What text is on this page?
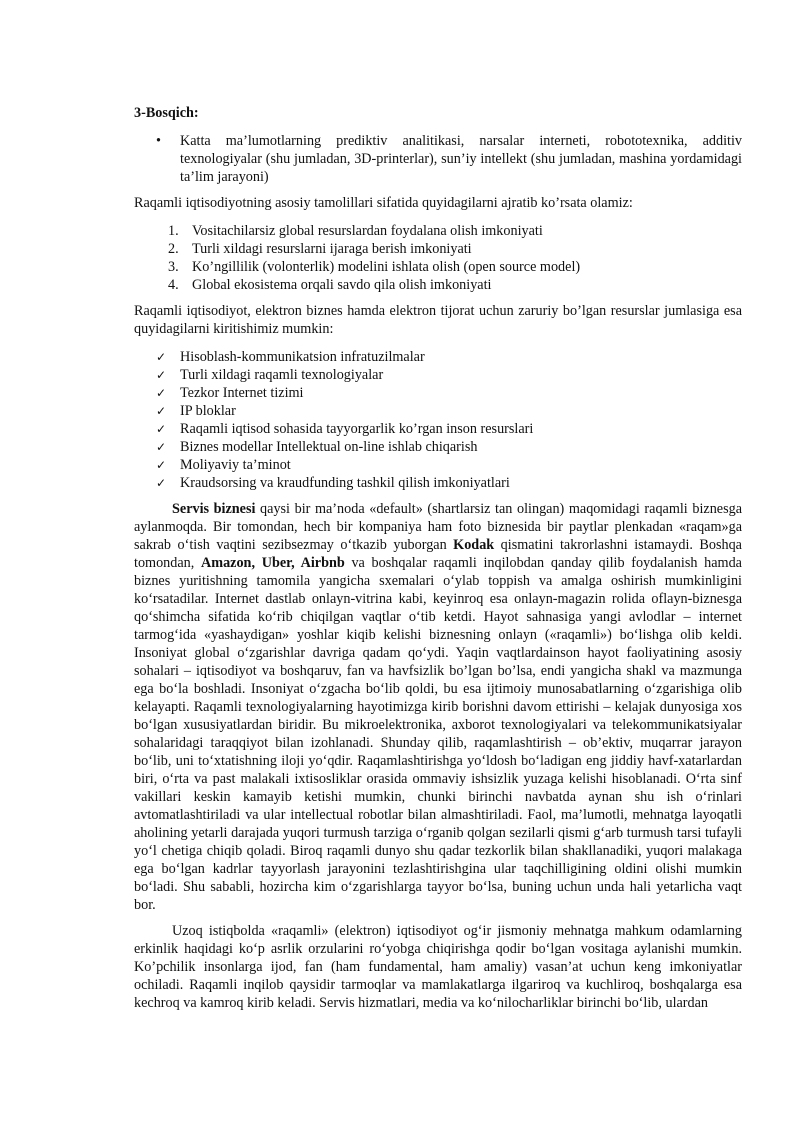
3-Bosqich:

• Katta ma’lumotlarning prediktiv analitikasi, narsalar interneti, robototexnika, additiv texnologiyalar (shu jumladan, 3D-printerlar), sun’iy intellekt (shu jumladan, mashina yordamidagi ta’lim jarayoni)

Raqamli iqtisodiyotning asosiy tamolillari sifatida quyidagilarni ajratib ko’rsata olamiz:

1. Vositachilarsiz global resurslardan foydalana olish imkoniyati
2. Turli xildagi resurslarni ijaraga berish imkoniyati
3. Ko’ngillilik (volonterlik) modelini ishlata olish (open source model)
4. Global ekosistema orqali savdo qila olish imkoniyati

Raqamli iqtisodiyot, elektron biznes hamda elektron tijorat uchun zaruriy bo’lgan resurslar jumlasiga esa quyidagilarni kiritishimiz mumkin:

✓ Hisoblash-kommunikatsion infratuzilmalar
✓ Turli xildagi raqamli texnologiyalar
✓ Tezkor Internet tizimi
✓ IP bloklar
✓ Raqamli iqtisod sohasida tayyorgarlik ko’rgan inson resurslari
✓ Biznes modellar Intellektual on-line ishlab chiqarish
✓ Moliyaviy ta’minot
✓ Kraudsorsing va kraudfunding tashkil qilish imkoniyatlari

Servis biznesi qaysi bir ma’noda «default» (shartlarsiz tan olingan) maqomidagi raqamli biznesga aylanmoqda. Bir tomondan, hech bir kompaniya ham foto biznesida bir paytlar plenkadan «raqam»ga sakrab o‘tish vaqtini sezibsezmay o‘tkazib yuborgan Kodak qismatini takrorlashni istamaydi. Boshqa tomondan, Amazon, Uber, Airbnb va boshqalar raqamli inqilobdan qanday qilib foydalanish hamda biznes yuritishning tamomila yangicha sxemalari o‘ylab toppish va amalga oshirish mumkinligini ko‘rsatadilar. Internet dastlab onlayn-vitrina kabi, keyinroq esa onlayn-magazin rolida oflayn-biznesga qo‘shimcha sifatida ko‘rib chiqilgan vaqtlar o‘tib ketdi. Hayot sahnasiga yangi avlodlar – internet tarmog‘ida «yashaydigan» yoshlar kiqib kelishi biznesning onlayn («raqamli») bo‘lishga olib keldi. Insoniyat global o‘zgarishlar davriga qadam qo‘ydi. Yaqin vaqtlardainson hayot faoliyatining asosiy sohalari – iqtisodiyot va boshqaruv, fan va havfsizlik bo’lgan bo’lsa, endi yangicha shakl va mazmunga ega bo‘la boshladi. Insoniyat o‘zgacha bo‘lib qoldi, bu esa ijtimoiy munosabatlarning o‘zgarishiga olib kelayapti. Raqamli texnologiyalarning hayotimizga kirib borishni davom ettirishi – kelajak dunyosiga xos bo‘lgan xususiyatlardan biridir. Bu mikroelektronika, axborot texnologiyalari va telekommunikatsiyalar sohalaridagi taraqqiyot bilan izohlanadi. Shunday qilib, raqamlashtirish – ob’ektiv, muqarrar jarayon bo‘lib, uni to‘xtatishning iloji yo‘qdir. Raqamlashtirishga yo‘ldosh bo‘ladigan eng jiddiy havf-xatarlardan biri, o‘rta va past malakali ixtisosliklar orasida ommaviy ishsizlik yuzaga kelishi hisoblanadi. O‘rta sinf vakillari keskin kamayib ketishi mumkin, chunki birinchi navbatda aynan shu ish o‘rinlari avtomatlashtiriladi va ular intellectual robotlar bilan almashtiriladi. Faol, ma’lumotli, mehnatga layoqatli aholining yetarli darajada yuqori turmush tarziga o‘rganib qolgan sezilarli qismi g‘arb turmush tarsi tufayli yo‘l chetiga chiqib qoladi. Biroq raqamli dunyo shu qadar tezkorlik bilan shakllanadiki, yuqori malakaga ega bo‘lgan kadrlar tayyorlash jarayonini tezlashtirishgina ular taqchilligining oldini olishi mumkin bo‘ladi. Shu sababli, hozircha kim o‘zgarishlarga tayyor bo‘lsa, buning uchun unda hali yetarlicha vaqt bor.

Uzoq istiqbolda «raqamli» (elektron) iqtisodiyot og‘ir jismoniy mehnatga mahkum odamlarning erkinlik haqidagi ko‘p asrlik orzularini ro‘yobga chiqirishga qodir bo‘lgan vositaga aylanishi mumkin. Ko’pchilik insonlarga ijod, fan (ham fundamental, ham amaliy) vasan’at uchun keng imkoniyatlar ochiladi. Raqamli inqilob qaysidir tarmoqlar va mamlakatlarga ilgariroq va kuchliroq, boshqalarga esa kechroq va kamroq kirib keladi. Servis hizmatlari, media va ko‘nilocharliklar birinchi bo‘lib, ulardan
